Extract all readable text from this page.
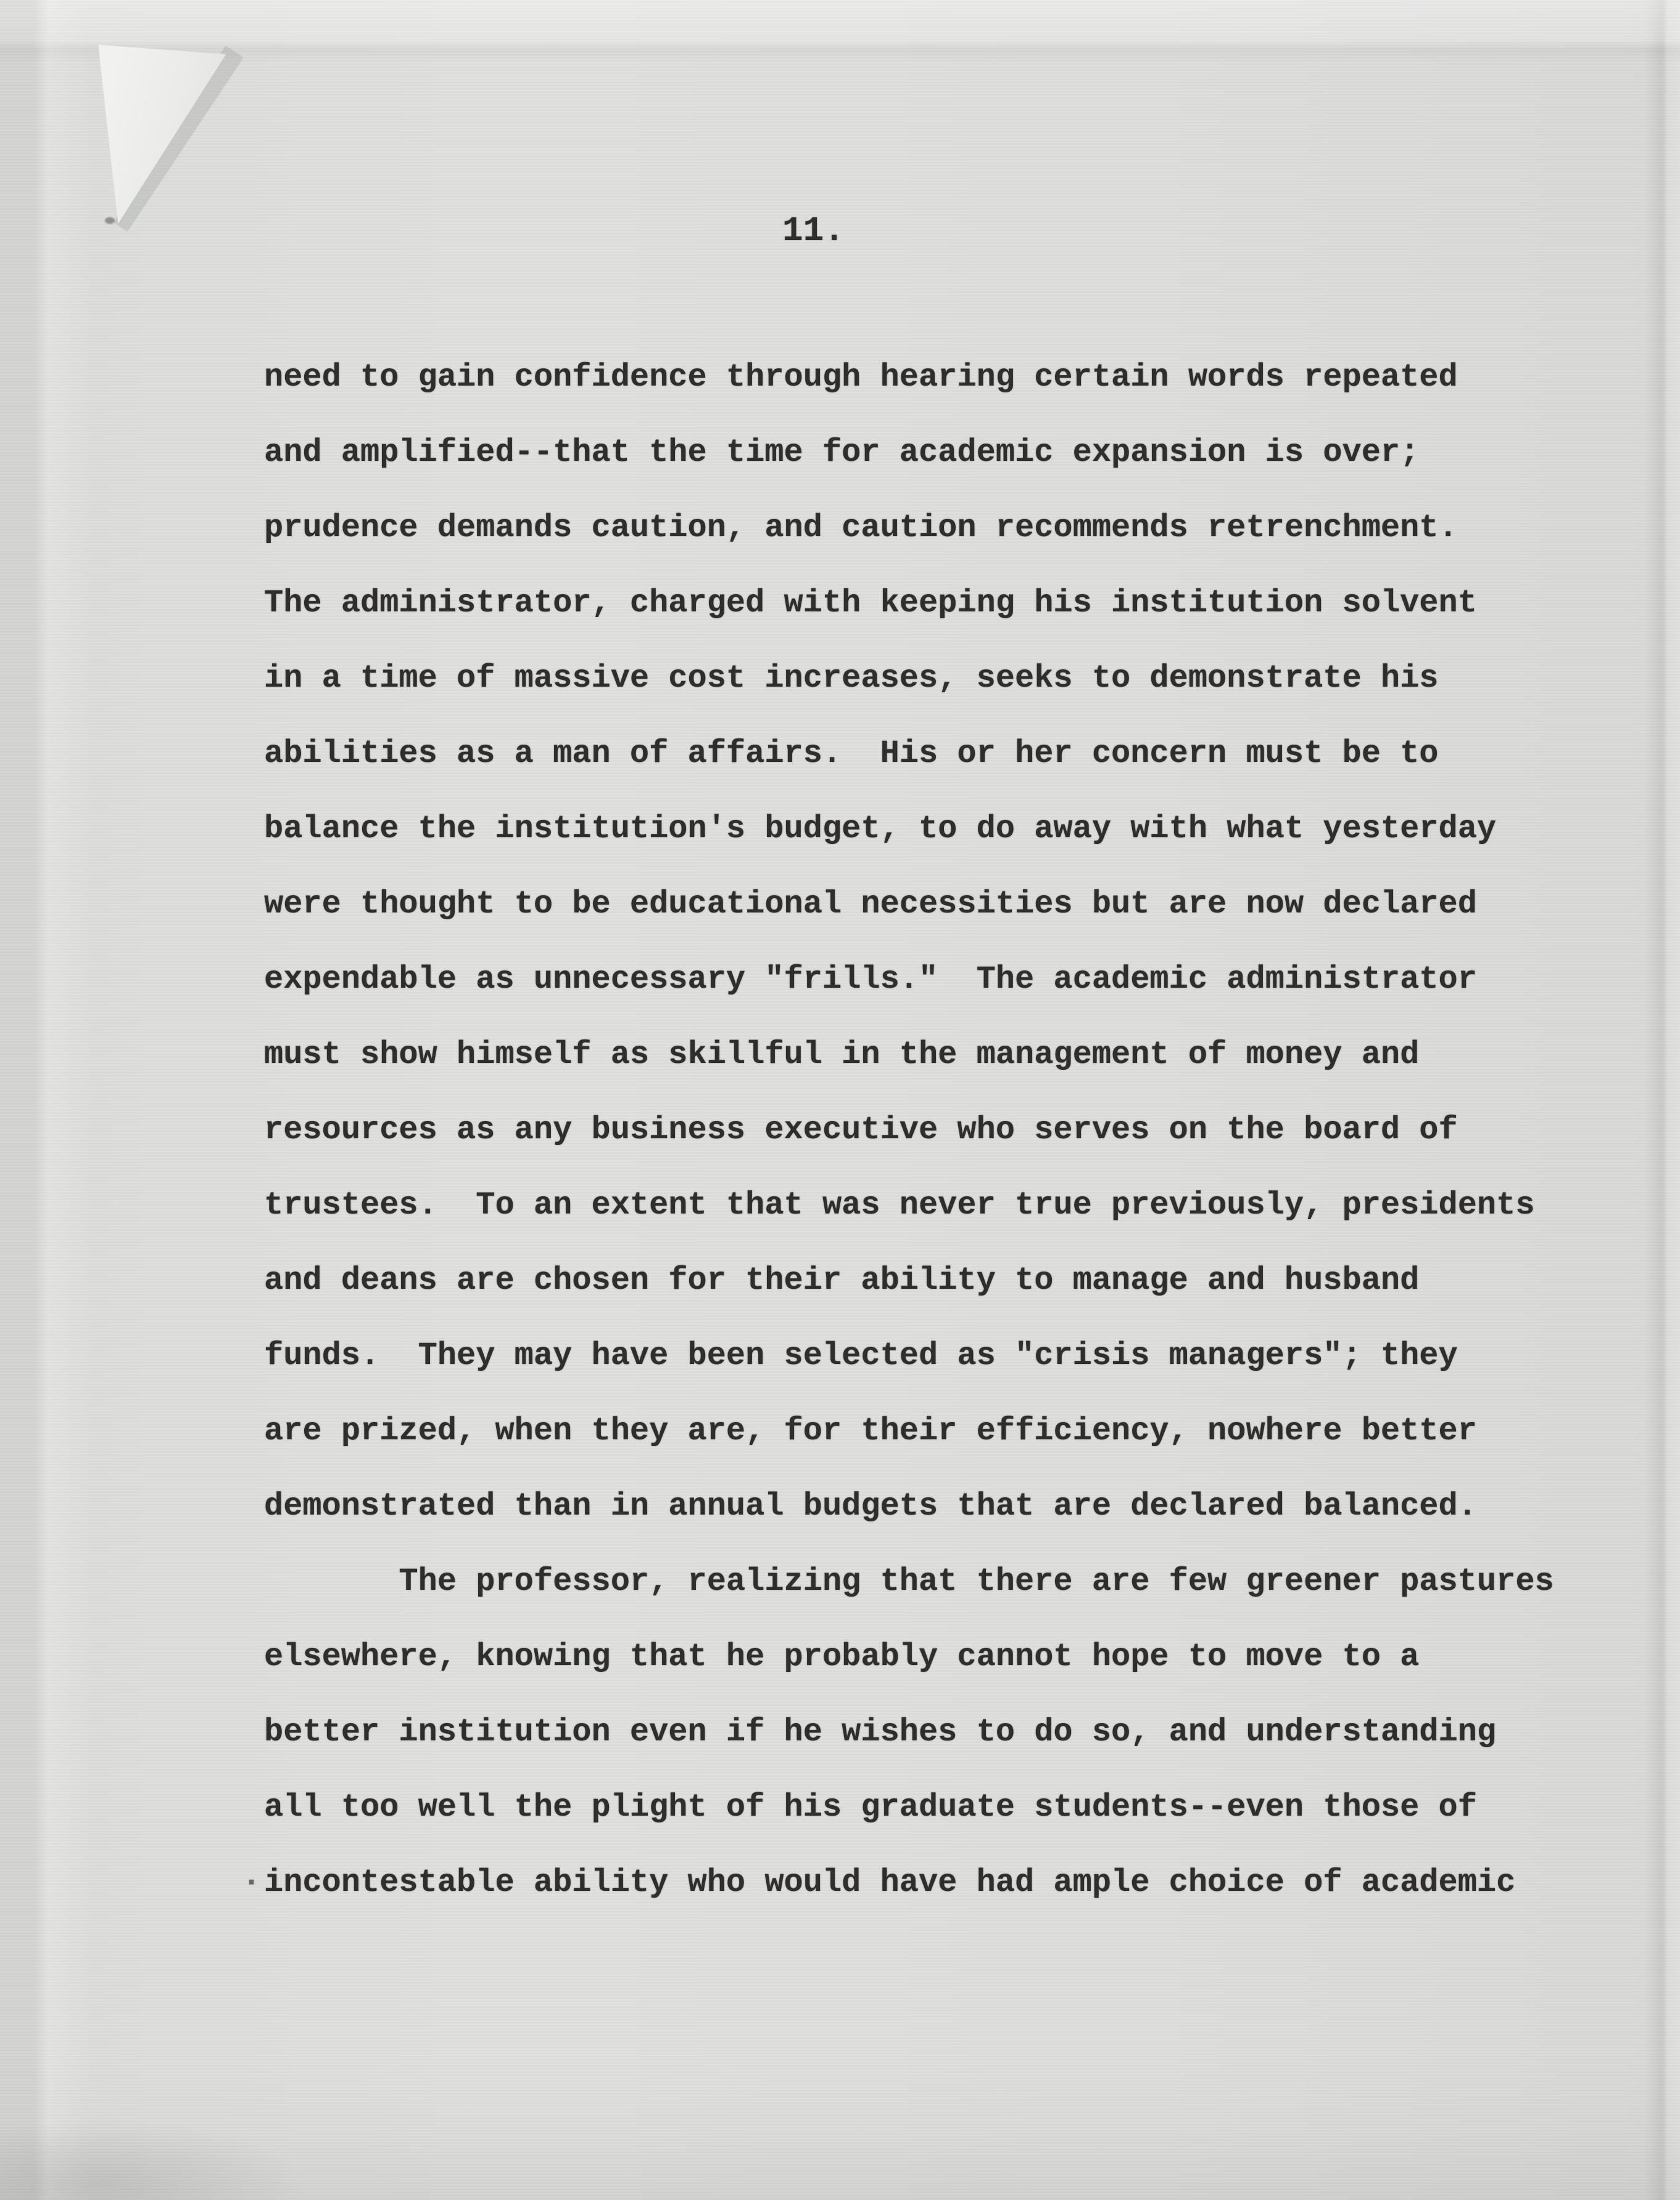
11.
need to gain confidence through hearing certain words repeated
and amplified--that the time for academic expansion is over;
prudence demands caution, and caution recommends retrenchment.
The administrator, charged with keeping his institution solvent
in a time of massive cost increases, seeks to demonstrate his
abilities as a man of affairs.  His or her concern must be to
balance the institution's budget, to do away with what yesterday
were thought to be educational necessities but are now declared
expendable as unnecessary "frills."  The academic administrator
must show himself as skillful in the management of money and
resources as any business executive who serves on the board of
trustees.  To an extent that was never true previously, presidents
and deans are chosen for their ability to manage and husband
funds.  They may have been selected as "crisis managers"; they
are prized, when they are, for their efficiency, nowhere better
demonstrated than in annual budgets that are declared balanced.
The professor, realizing that there are few greener pastures
elsewhere, knowing that he probably cannot hope to move to a
better institution even if he wishes to do so, and understanding
all too well the plight of his graduate students--even those of
incontestable ability who would have had ample choice of academic
·
